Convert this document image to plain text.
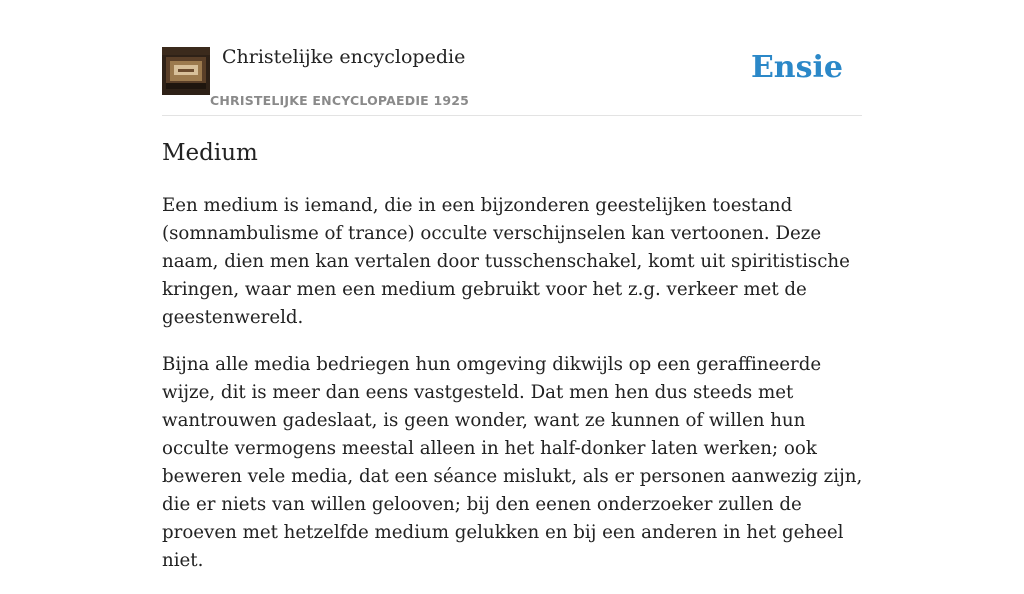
Christelijke encyclopedie
CHRISTELIJKE ENCYCLOPAEDIE 1925
Ensie
Medium

Een medium is iemand, die in een bijzonderen geestelijken toestand (somnambulisme of trance) occulte verschijnselen kan vertoonen. Deze naam, dien men kan vertalen door tusschenschakel, komt uit spiritistische kringen, waar men een medium gebruikt voor het z.g. verkeer met de geestenwereld.

Bijna alle media bedriegen hun omgeving dikwijls op een geraffineerde wijze, dit is meer dan eens vastgesteld. Dat men hen dus steeds met wantrouwen gadeslaat, is geen wonder, want ze kunnen of willen hun occulte vermogens meestal alleen in het half-donker laten werken; ook beweren vele media, dat een séance mislukt, als er personen aanwezig zijn, die er niets van willen gelooven; bij den eenen onderzoeker zullen de proeven met hetzelfde medium gelukken en bij een anderen in het geheel niet.
